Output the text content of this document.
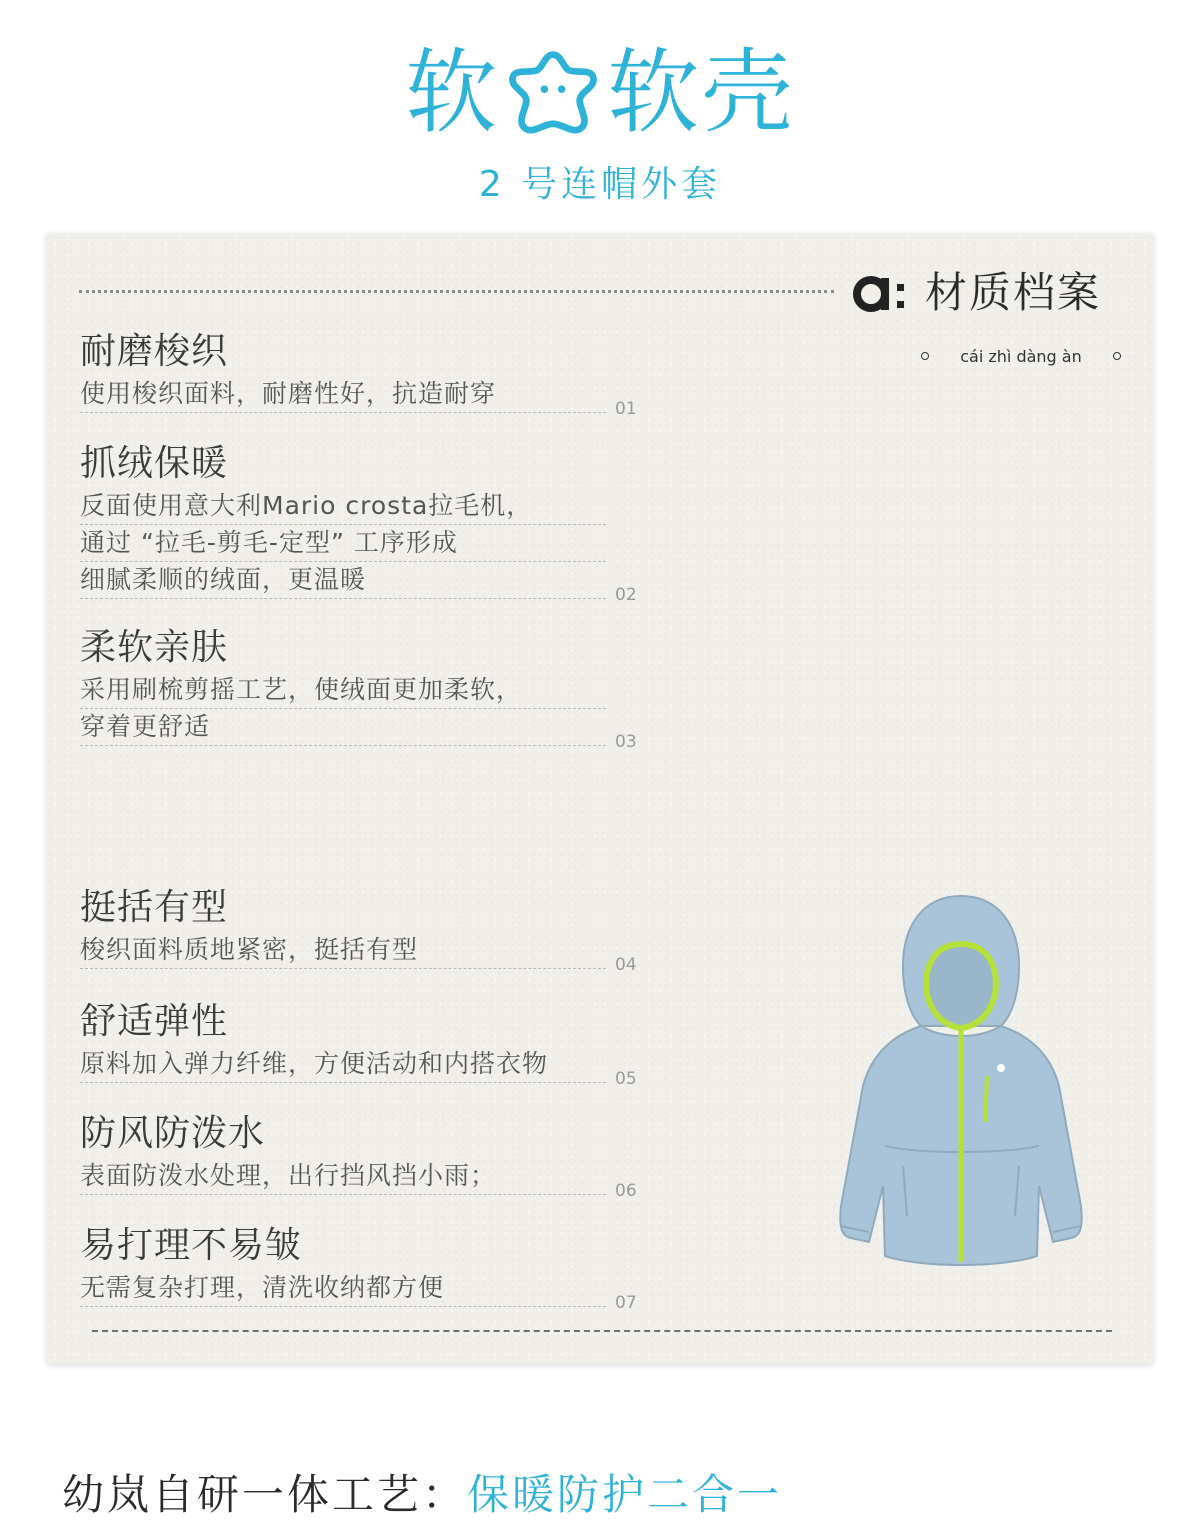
软 软壳
2 号连帽外套
材质档案
cái zhì dàng àn
耐磨梭织
使用梭织面料，耐磨性好，抗造耐穿
01
抓绒保暖
反面使用意大利Mario crosta拉毛机，
通过 “拉毛-剪毛-定型” 工序形成
细腻柔顺的绒面，更温暖
02
柔软亲肤
采用刷梳剪摇工艺，使绒面更加柔软，
穿着更舒适
03
挺括有型
梭织面料质地紧密，挺括有型
04
舒适弹性
原料加入弹力纤维，方便活动和内搭衣物
05
防风防泼水
表面防泼水处理，出行挡风挡小雨；
06
易打理不易皱
无需复杂打理，清洗收纳都方便
07
幼岚自研一体工艺：保暖防护二合一
